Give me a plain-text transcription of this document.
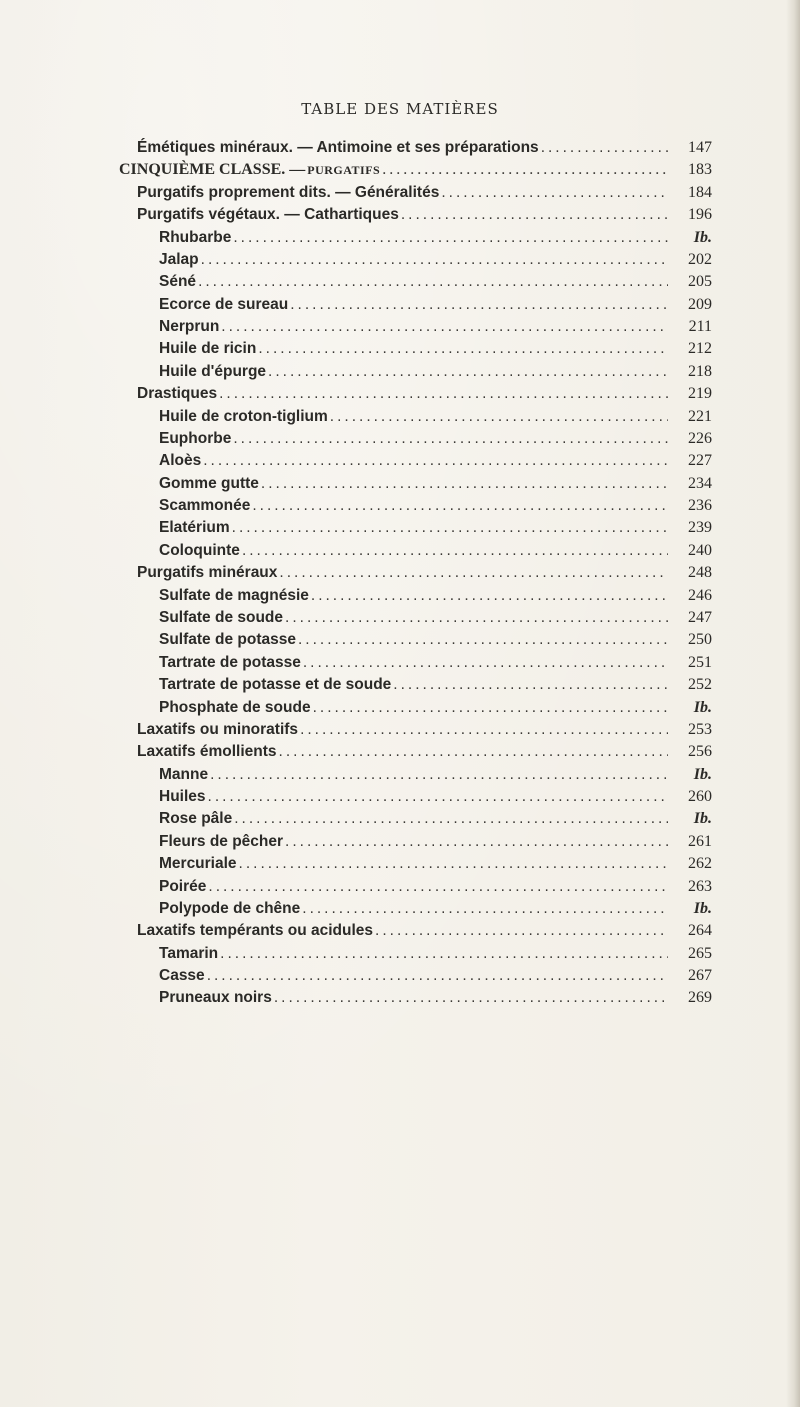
TABLE DES MATIÈRES
Émétiques minéraux. — Antimoine et ses préparations .....	147
CINQUIÈME CLASSE. — PURGATIFS .....	183
Purgatifs proprement dits. — Généralités .....	184
Purgatifs végétaux. — Cathartiques .....	196
Rhubarbe .....	Ib.
Jalap .....	202
Séné .....	205
Ecorce de sureau .....	209
Nerprun .....	211
Huile de ricin .....	212
Huile d'épurge .....	218
Drastiques .....	219
Huile de croton-tiglium .....	221
Euphorbe .....	226
Aloès .....	227
Gomme gutte .....	234
Scammonée .....	236
Elatérium .....	239
Coloquinte .....	240
Purgatifs minéraux .....	248
Sulfate de magnésie .....	246
Sulfate de soude .....	247
Sulfate de potasse .....	250
Tartrate de potasse .....	251
Tartrate de potasse et de soude .....	252
Phosphate de soude .....	Ib.
Laxatifs ou minoratifs .....	253
Laxatifs émollients .....	256
Manne .....	Ib.
Huiles .....	260
Rose pâle .....	Ib.
Fleurs de pêcher .....	261
Mercuriale .....	262
Poirée .....	263
Polypode de chêne .....	Ib.
Laxatifs tempérants ou acidules .....	264
Tamarin .....	265
Casse .....	267
Pruneaux noirs .....	269
